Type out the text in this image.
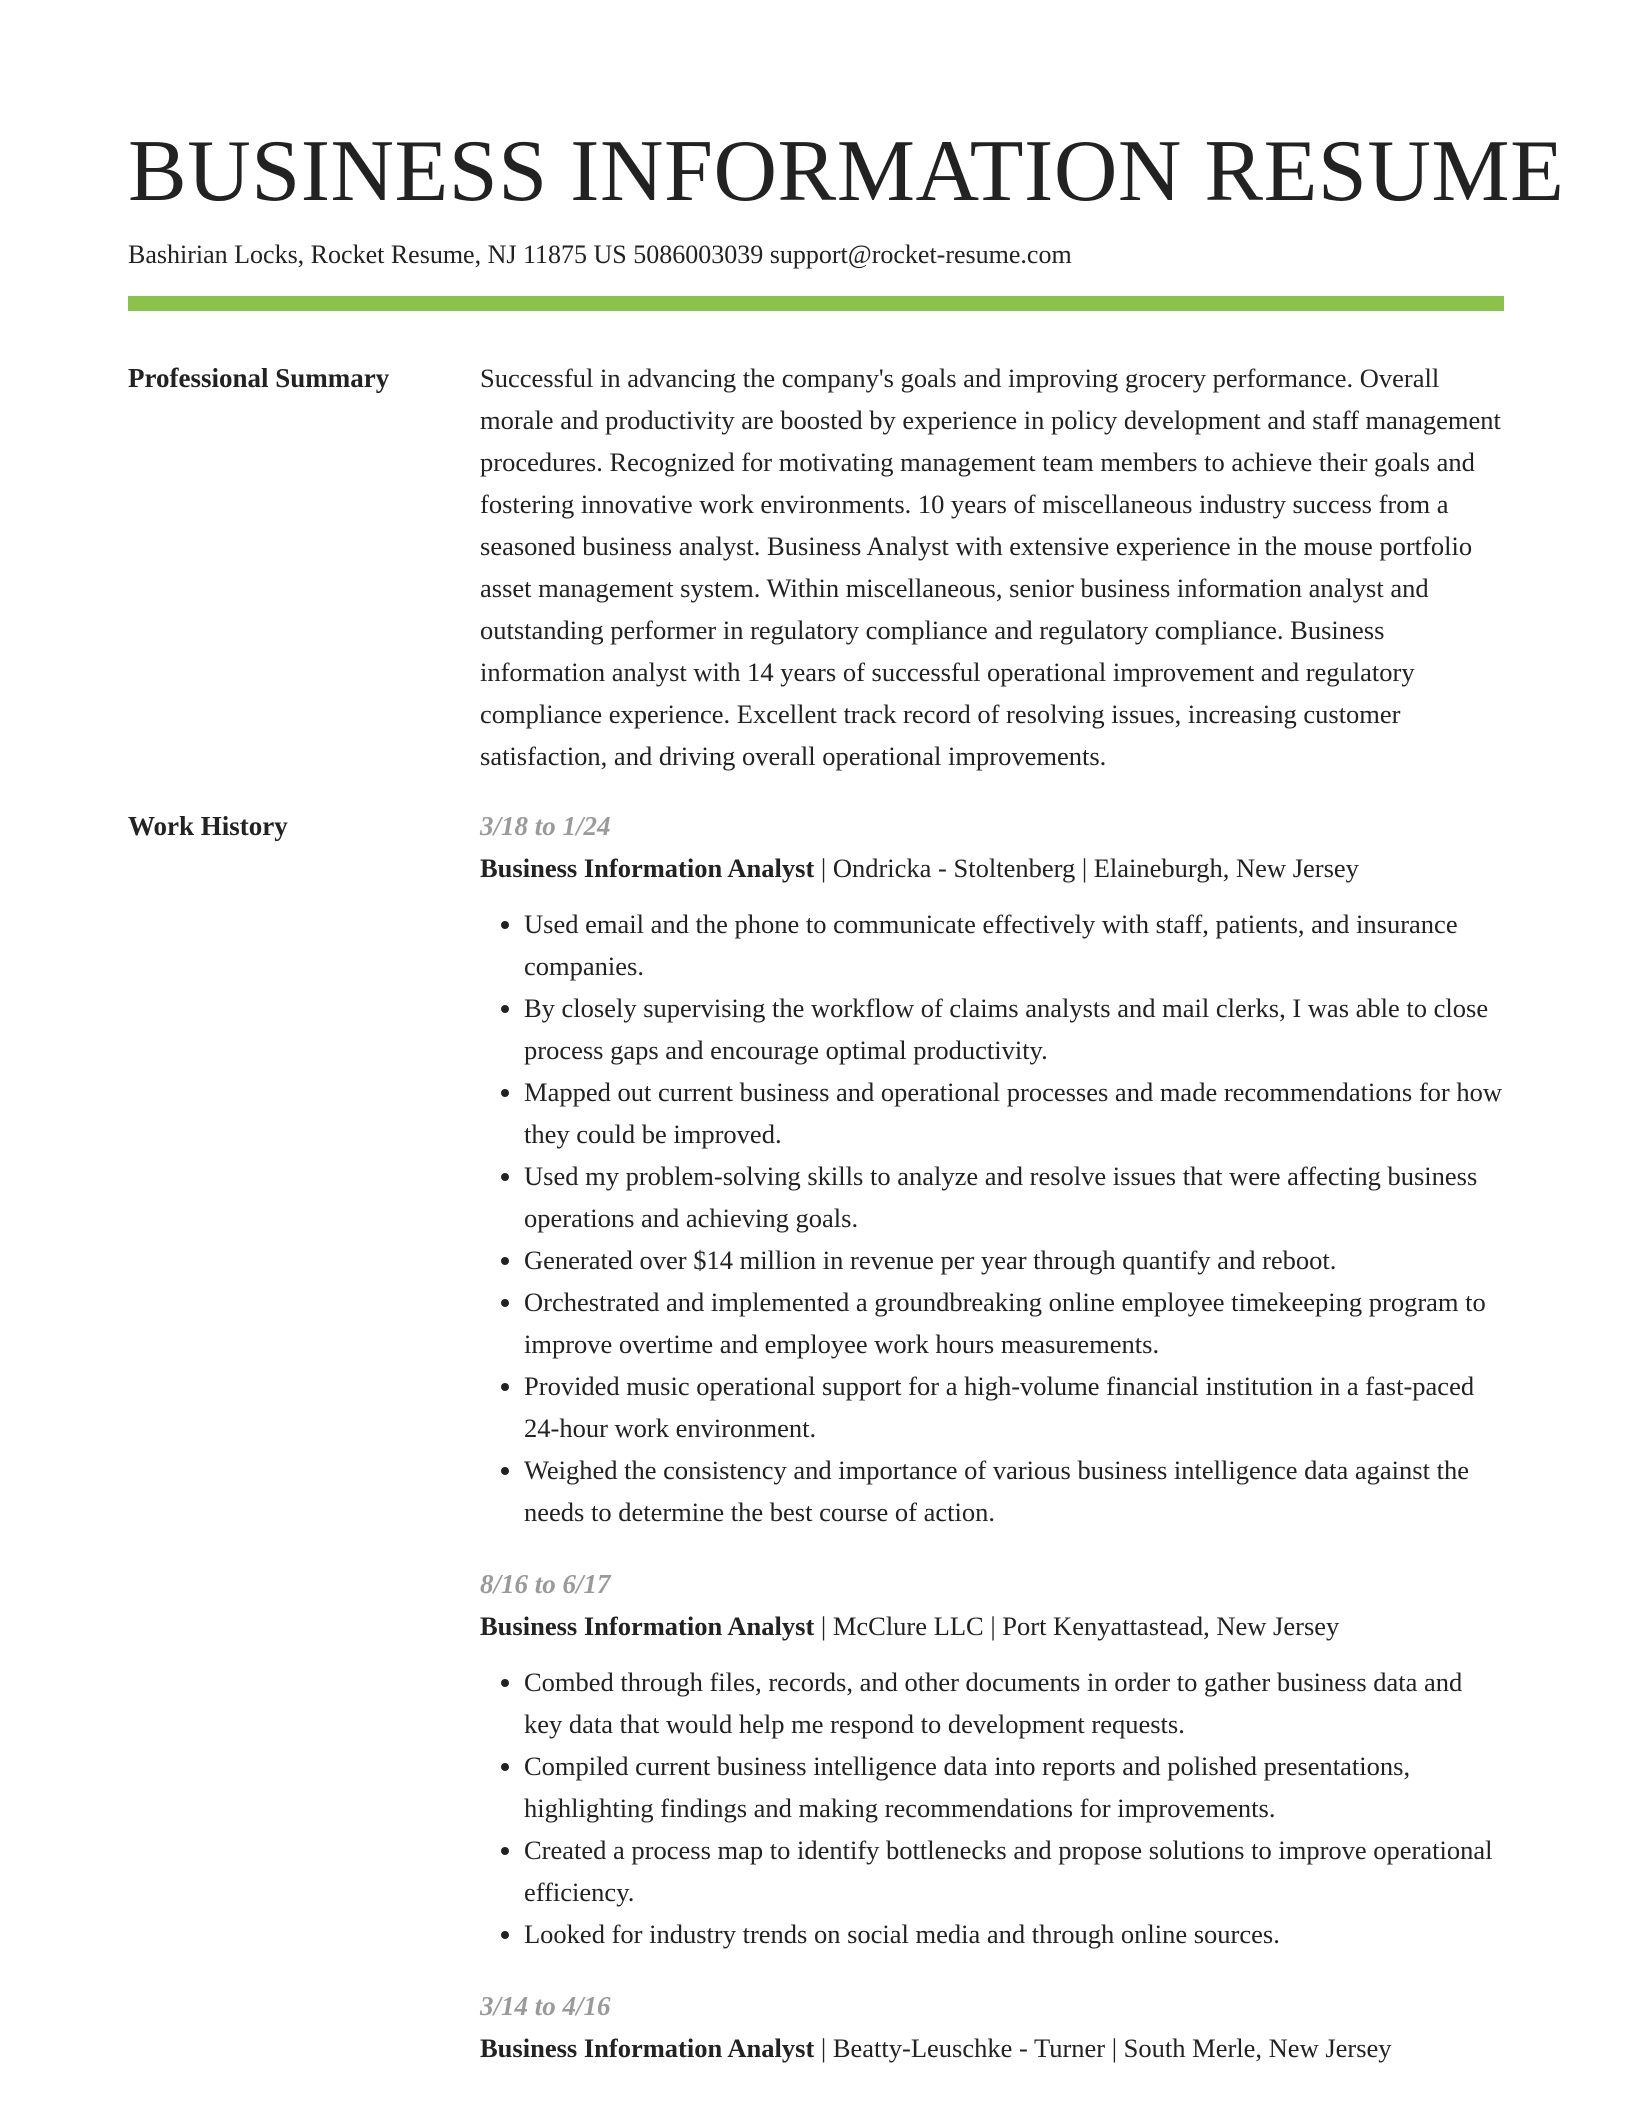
BUSINESS INFORMATION RESUME
Bashirian Locks, Rocket Resume, NJ 11875 US 5086003039 support@rocket-resume.com
Professional Summary	Successful in advancing the company's goals and improving grocery performance. Overall morale and productivity are boosted by experience in policy development and staff management procedures. Recognized for motivating management team members to achieve their goals and fostering innovative work environments. 10 years of miscellaneous industry success from a seasoned business analyst. Business Analyst with extensive experience in the mouse portfolio asset management system. Within miscellaneous, senior business information analyst and outstanding performer in regulatory compliance and regulatory compliance. Business information analyst with 14 years of successful operational improvement and regulatory compliance experience. Excellent track record of resolving issues, increasing customer satisfaction, and driving overall operational improvements.

Work History	3/18 to 1/24
Business Information Analyst | Ondricka - Stoltenberg | Elaineburgh, New Jersey
• Used email and the phone to communicate effectively with staff, patients, and insurance companies.
• By closely supervising the workflow of claims analysts and mail clerks, I was able to close process gaps and encourage optimal productivity.
• Mapped out current business and operational processes and made recommendations for how they could be improved.
• Used my problem-solving skills to analyze and resolve issues that were affecting business operations and achieving goals.
• Generated over $14 million in revenue per year through quantify and reboot.
• Orchestrated and implemented a groundbreaking online employee timekeeping program to improve overtime and employee work hours measurements.
• Provided music operational support for a high-volume financial institution in a fast-paced 24-hour work environment.
• Weighed the consistency and importance of various business intelligence data against the needs to determine the best course of action.
8/16 to 6/17
Business Information Analyst | McClure LLC | Port Kenyattastead, New Jersey
• Combed through files, records, and other documents in order to gather business data and key data that would help me respond to development requests.
• Compiled current business intelligence data into reports and polished presentations, highlighting findings and making recommendations for improvements.
• Created a process map to identify bottlenecks and propose solutions to improve operational efficiency.
• Looked for industry trends on social media and through online sources.
3/14 to 4/16
Business Information Analyst | Beatty-Leuschke - Turner | South Merle, New Jersey
